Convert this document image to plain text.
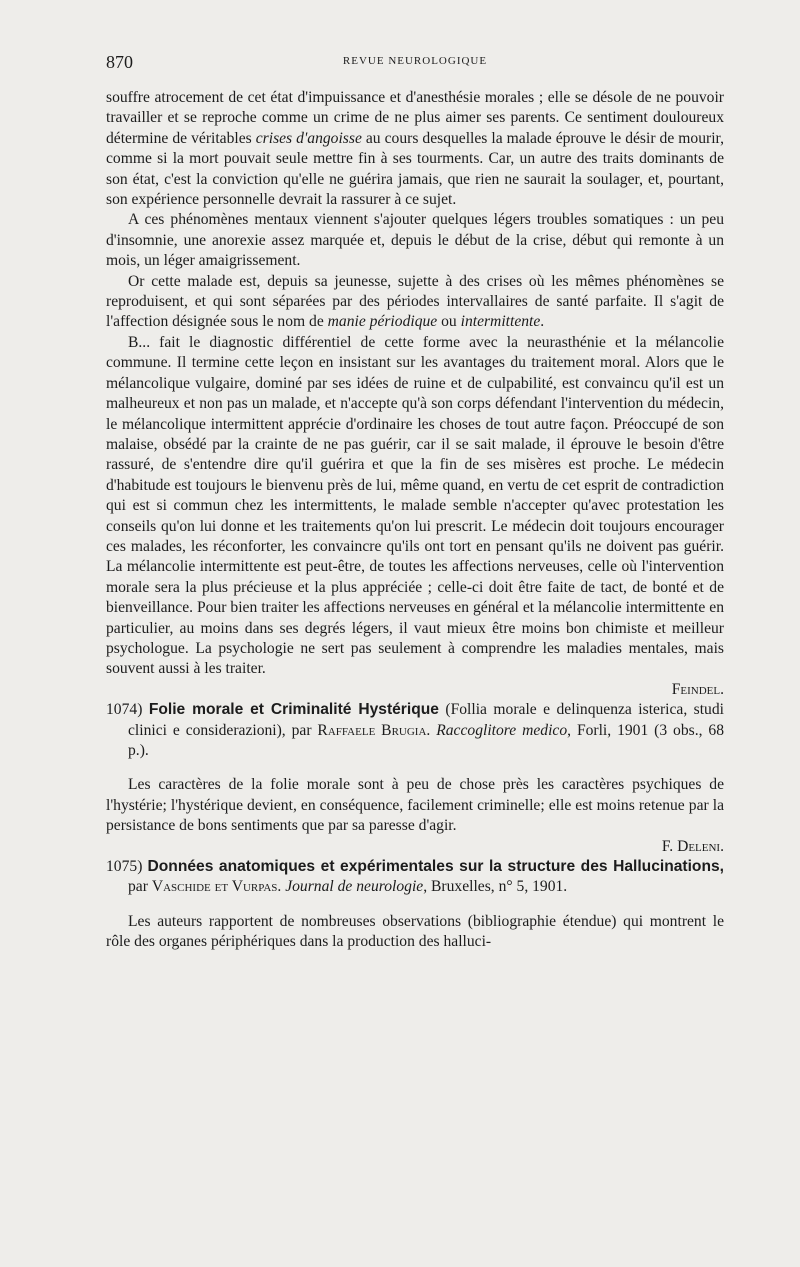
870	REVUE NEUROLOGIQUE

souffre atrocement de cet état d'impuissance et d'anesthésie morales ; elle se désole de ne pouvoir travailler et se reproche comme un crime de ne plus aimer ses parents. Ce sentiment douloureux détermine de véritables crises d'angoisse au cours desquelles la malade éprouve le désir de mourir, comme si la mort pouvait seule mettre fin à ses tourments. Car, un autre des traits dominants de son état, c'est la conviction qu'elle ne guérira jamais, que rien ne saurait la soulager, et, pourtant, son expérience personnelle devrait la rassurer à ce sujet.

A ces phénomènes mentaux viennent s'ajouter quelques légers troubles somatiques : un peu d'insomnie, une anorexie assez marquée et, depuis le début de la crise, début qui remonte à un mois, un léger amaigrissement.

Or cette malade est, depuis sa jeunesse, sujette à des crises où les mêmes phénomènes se reproduisent, et qui sont séparées par des périodes intervallaires de santé parfaite. Il s'agit de l'affection désignée sous le nom de manie périodique ou intermittente.

B... fait le diagnostic différentiel de cette forme avec la neurasthénie et la mélancolie commune. Il termine cette leçon en insistant sur les avantages du traitement moral. Alors que le mélancolique vulgaire, dominé par ses idées de ruine et de culpabilité, est convaincu qu'il est un malheureux et non pas un malade, et n'accepte qu'à son corps défendant l'intervention du médecin, le mélancolique intermittent apprécie d'ordinaire les choses de tout autre façon. Préoccupé de son malaise, obsédé par la crainte de ne pas guérir, car il se sait malade, il éprouve le besoin d'être rassuré, de s'entendre dire qu'il guérira et que la fin de ses misères est proche. Le médecin d'habitude est toujours le bienvenu près de lui, même quand, en vertu de cet esprit de contradiction qui est si commun chez les intermittents, le malade semble n'accepter qu'avec protestation les conseils qu'on lui donne et les traitements qu'on lui prescrit. Le médecin doit toujours encourager ces malades, les réconforter, les convaincre qu'ils ont tort en pensant qu'ils ne doivent pas guérir. La mélancolie intermittente est peut-être, de toutes les affections nerveuses, celle où l'intervention morale sera la plus précieuse et la plus appréciée ; celle-ci doit être faite de tact, de bonté et de bienveillance. Pour bien traiter les affections nerveuses en général et la mélancolie intermittente en particulier, au moins dans ses degrés légers, il vaut mieux être moins bon chimiste et meilleur psychologue. La psychologie ne sert pas seulement à comprendre les maladies mentales, mais souvent aussi à les traiter.

Feindel.

1074) Folie morale et Criminalité Hystérique (Follia morale e delinquenza isterica, studi clinici e considerazioni), par Raffaele Brugia. Raccoglitore medico, Forli, 1901 (3 obs., 68 p.).

Les caractères de la folie morale sont à peu de chose près les caractères psychiques de l'hystérie; l'hystérique devient, en conséquence, facilement criminelle; elle est moins retenue par la persistance de bons sentiments que par sa paresse d'agir.

F. Deleni.

1075) Données anatomiques et expérimentales sur la structure des Hallucinations, par Vaschide et Vurpas. Journal de neurologie, Bruxelles, n° 5, 1901.

Les auteurs rapportent de nombreuses observations (bibliographie étendue) qui montrent le rôle des organes périphériques dans la production des halluci-
